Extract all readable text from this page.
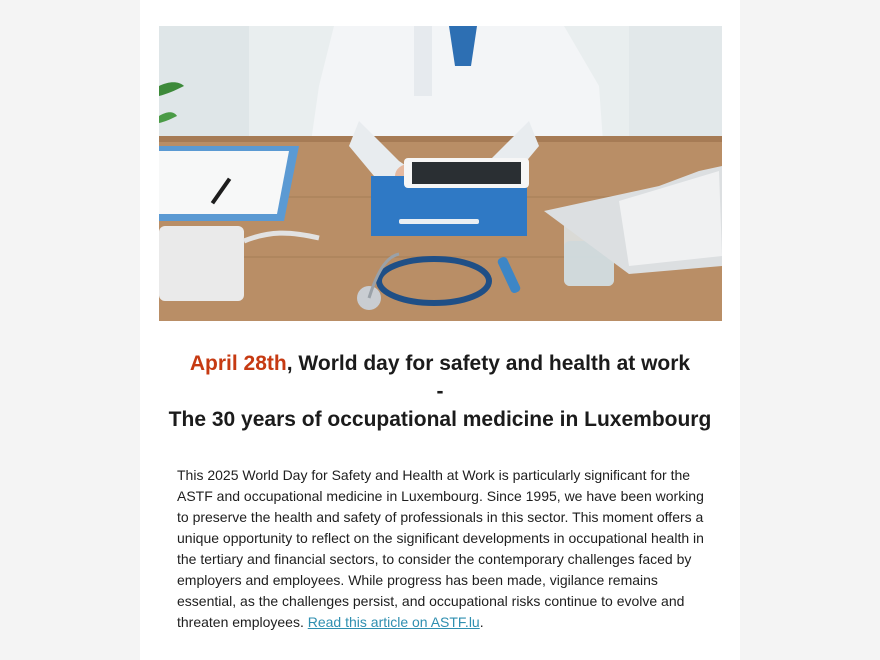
April 28th, World day for safety and health at work
-
The 30 years of occupational medicine in Luxembourg
This 2025 World Day for Safety and Health at Work is particularly significant for the ASTF and occupational medicine in Luxembourg. Since 1995, we have been working to preserve the health and safety of professionals in this sector. This moment offers a unique opportunity to reflect on the significant developments in occupational health in the tertiary and financial sectors, to consider the contemporary challenges faced by employers and employees. While progress has been made, vigilance remains essential, as the challenges persist, and occupational risks continue to evolve and threaten employees. Read this article on ASTF.lu.
